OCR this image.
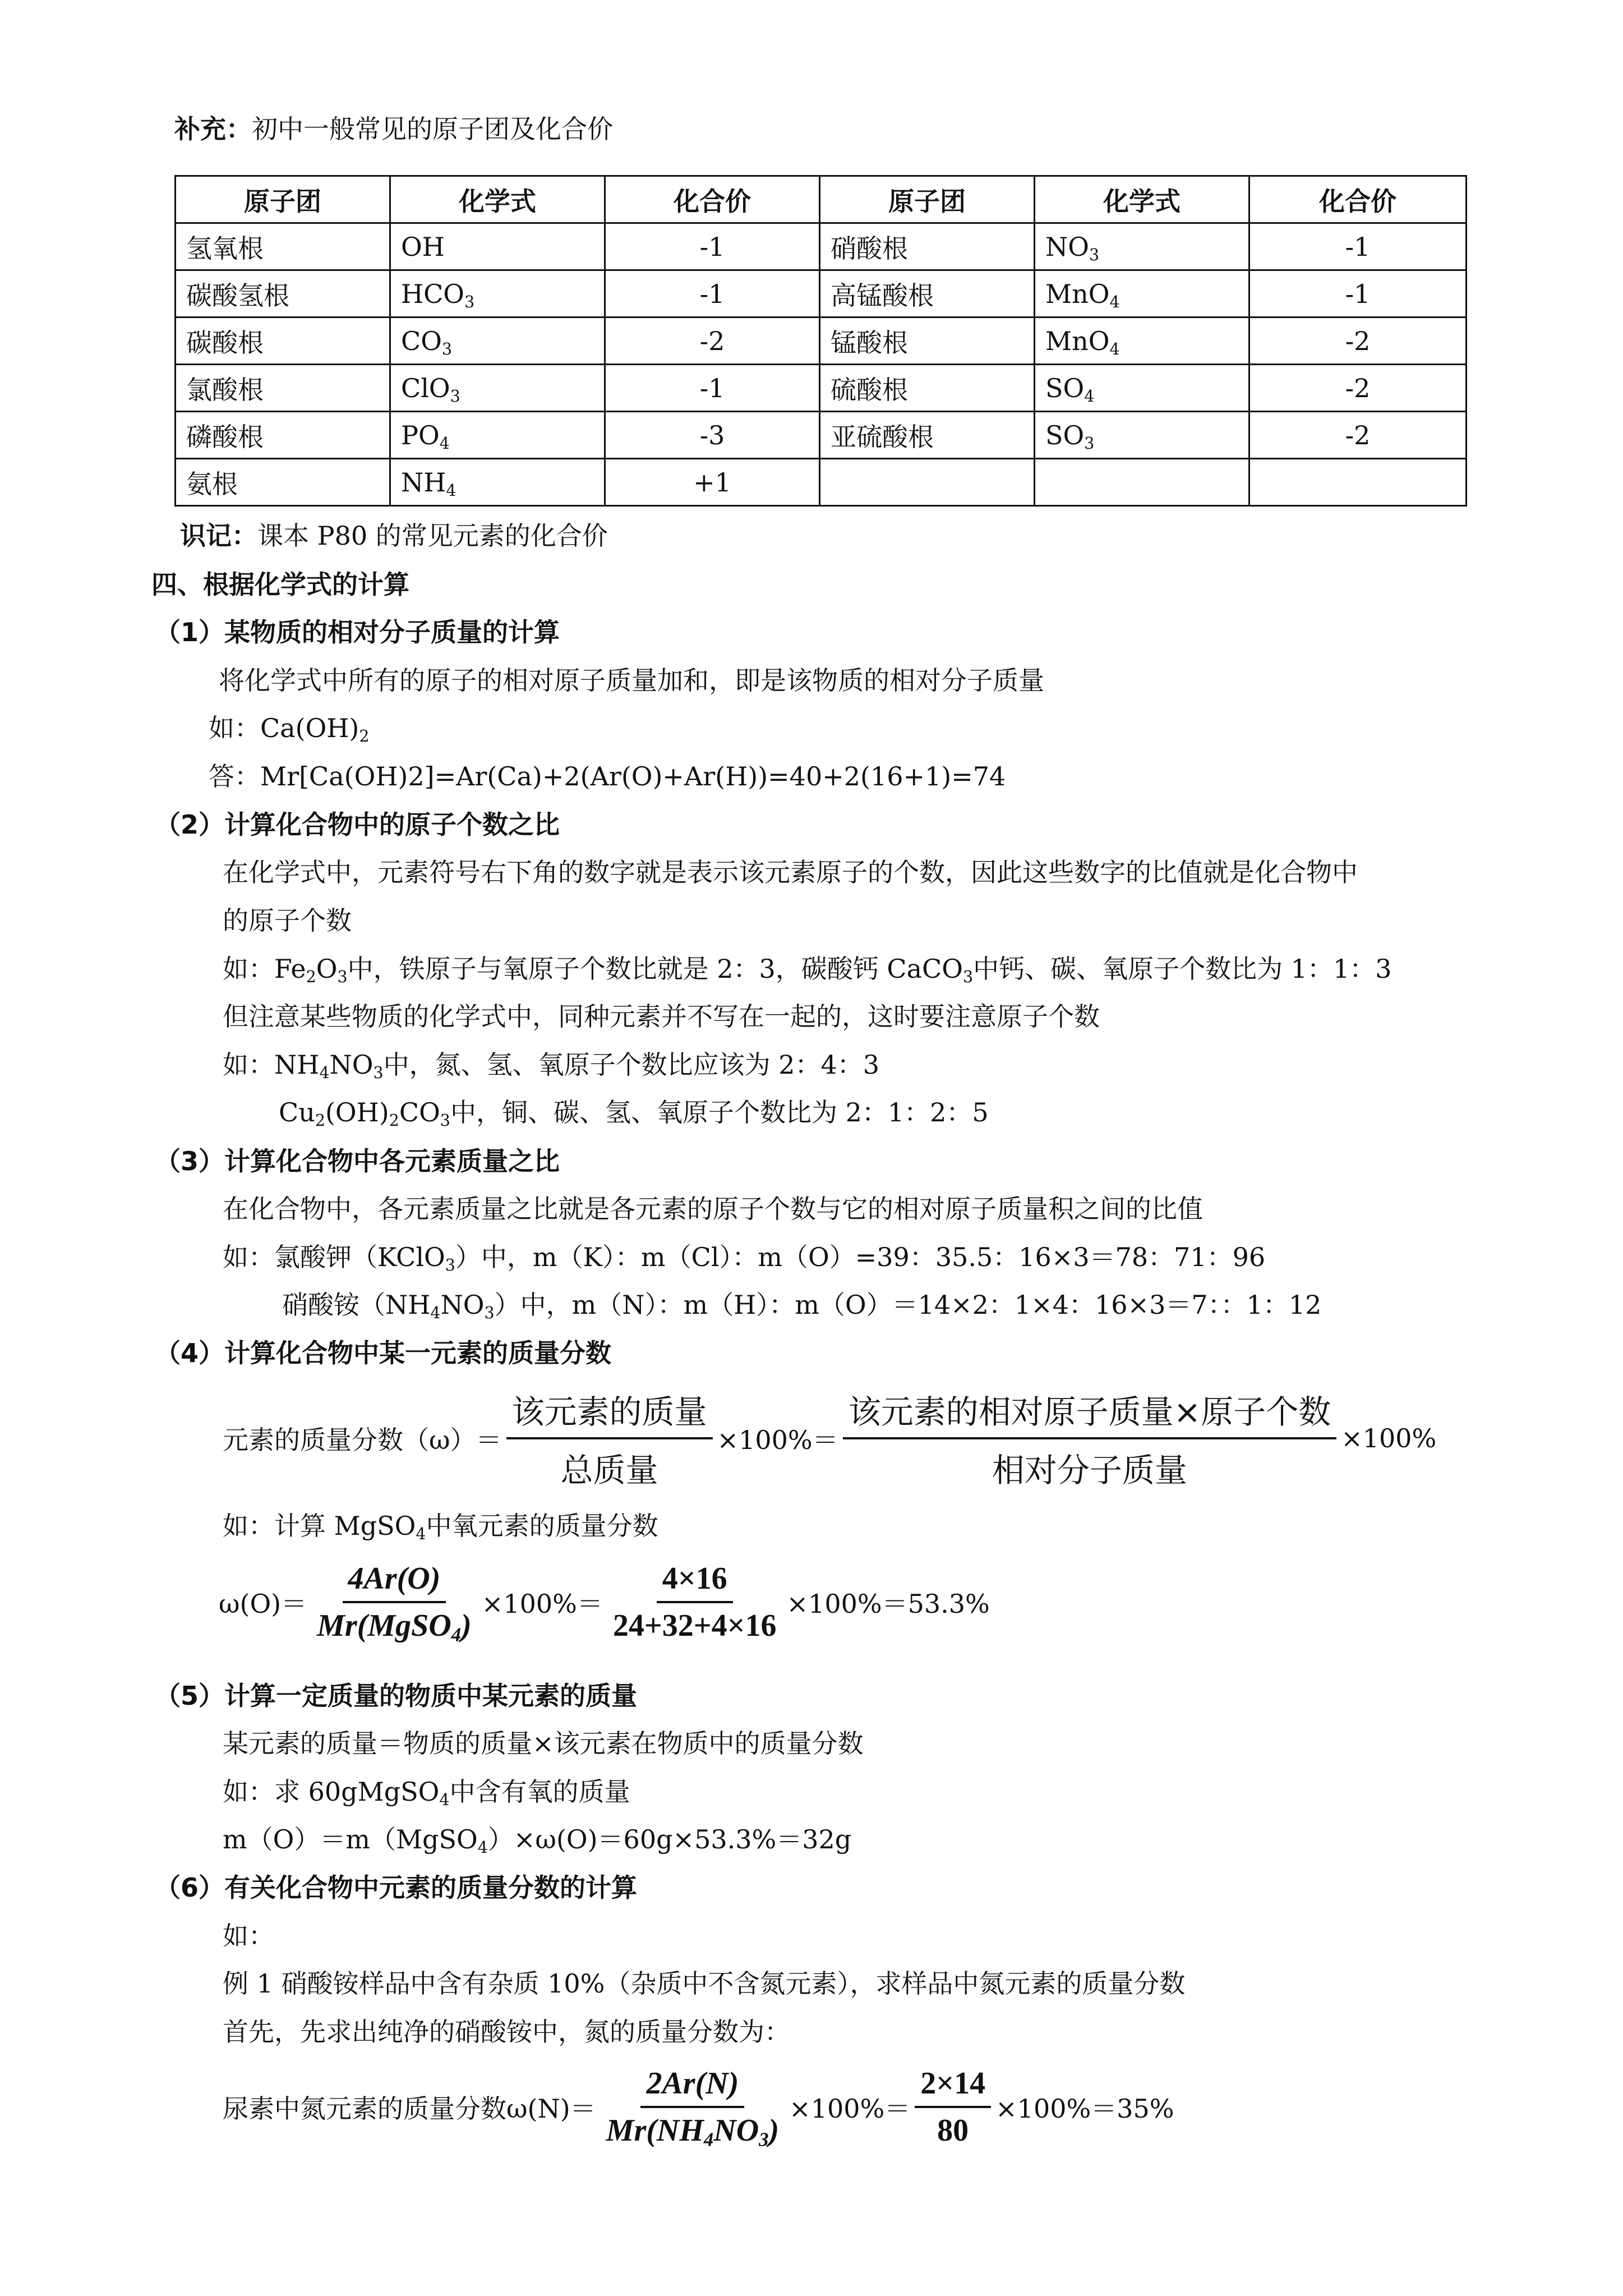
补充：初中一般常见的原子团及化合价
原子团	化学式	化合价	原子团	化学式	化合价
氢氧根	OH	-1	硝酸根	$NO_3$	-1
碳酸氢根	$HCO_3$	-1	高锰酸根	MnO$_4$	-1
碳酸根	$CO_3$	-2	锰酸根	MnO$_4$	-2
氯酸根	ClO$_3$	-1	硫酸根	$SO_4$	-2
磷酸根	$PO_4$	-3	亚硫酸根	$SO_3$	-2
氨根	$NH_4$	+1			
识记：课本 P80 的常见元素的化合价
四、根据化学式的计算
（1）某物质的相对分子质量的计算
将化学式中所有的原子的相对原子质量加和，即是该物质的相对分子质量
如：$Ca(OH)_2$
答：Mr[Ca(OH)2]=Ar(Ca)+2(Ar(O)+Ar(H))=40+2(16+1)=74
（2）计算化合物中的原子个数之比
在化学式中，元素符号右下角的数字就是表示该元素原子的个数，因此这些数字的比值就是化合物中
的原子个数
如：$Fe_2O_3$中，铁原子与氧原子个数比就是 2：3，碳酸钙 CaCO$_3$中钙、碳、氧原子个数比为 1：1：3
但注意某些物质的化学式中，同种元素并不写在一起的，这时要注意原子个数
如：$NH_4NO_3$中，氮、氢、氧原子个数比应该为 2：4：3
$Cu_2(OH)_2CO_3$中，铜、碳、氢、氧原子个数比为 2：1：2：5
（3）计算化合物中各元素质量之比
在化合物中，各元素质量之比就是各元素的原子个数与它的相对原子质量积之间的比值
如：氯酸钾（KClO$_3$）中，m（K）：m（Cl）：m（O）=39：35.5：16×3＝78：71：96
硝酸铵$(NH_4NO_3)$中，m（N）：m（H）：m（O）＝14×2：1×4：16×3＝7：：1：12
（4）计算化合物中某一元素的质量分数
元素的质量分数$(\omega)= \frac{\text{该元素的质量}}{\text{总质量}} \times 100\%= \frac{\text{该元素的相对原子质量×原子个数}}{\text{相对分子质量}} \times 100\%$
如：计算 MgSO$_4$中氧元素的质量分数
$\omega(O)= \frac{4Ar(O)}{Mr(MgSO_4)} \times 100\%= \frac{4\times 16}{24+32+4\times 16} \times 100\%=53.3\%$
（5）计算一定质量的物质中某元素的质量
某元素的质量＝物质的质量×该元素在物质中的质量分数
如：求 60gMgSO$_4$中含有氧的质量
m（O）＝m（MgSO$_4$）×ω(O)＝60g×53.3%＝32g
（6）有关化合物中元素的质量分数的计算
如：
例 1 硝酸铵样品中含有杂质 10%（杂质中不含氮元素），求样品中氮元素的质量分数
首先，先求出纯净的硝酸铵中，氮的质量分数为：
尿素中氮元素的质量分数$\omega(N)= \frac{2Ar(N)}{Mr(NH_4NO_3)} \times 100\%= \frac{2\times 14}{80} \times 100\%=35\%$
